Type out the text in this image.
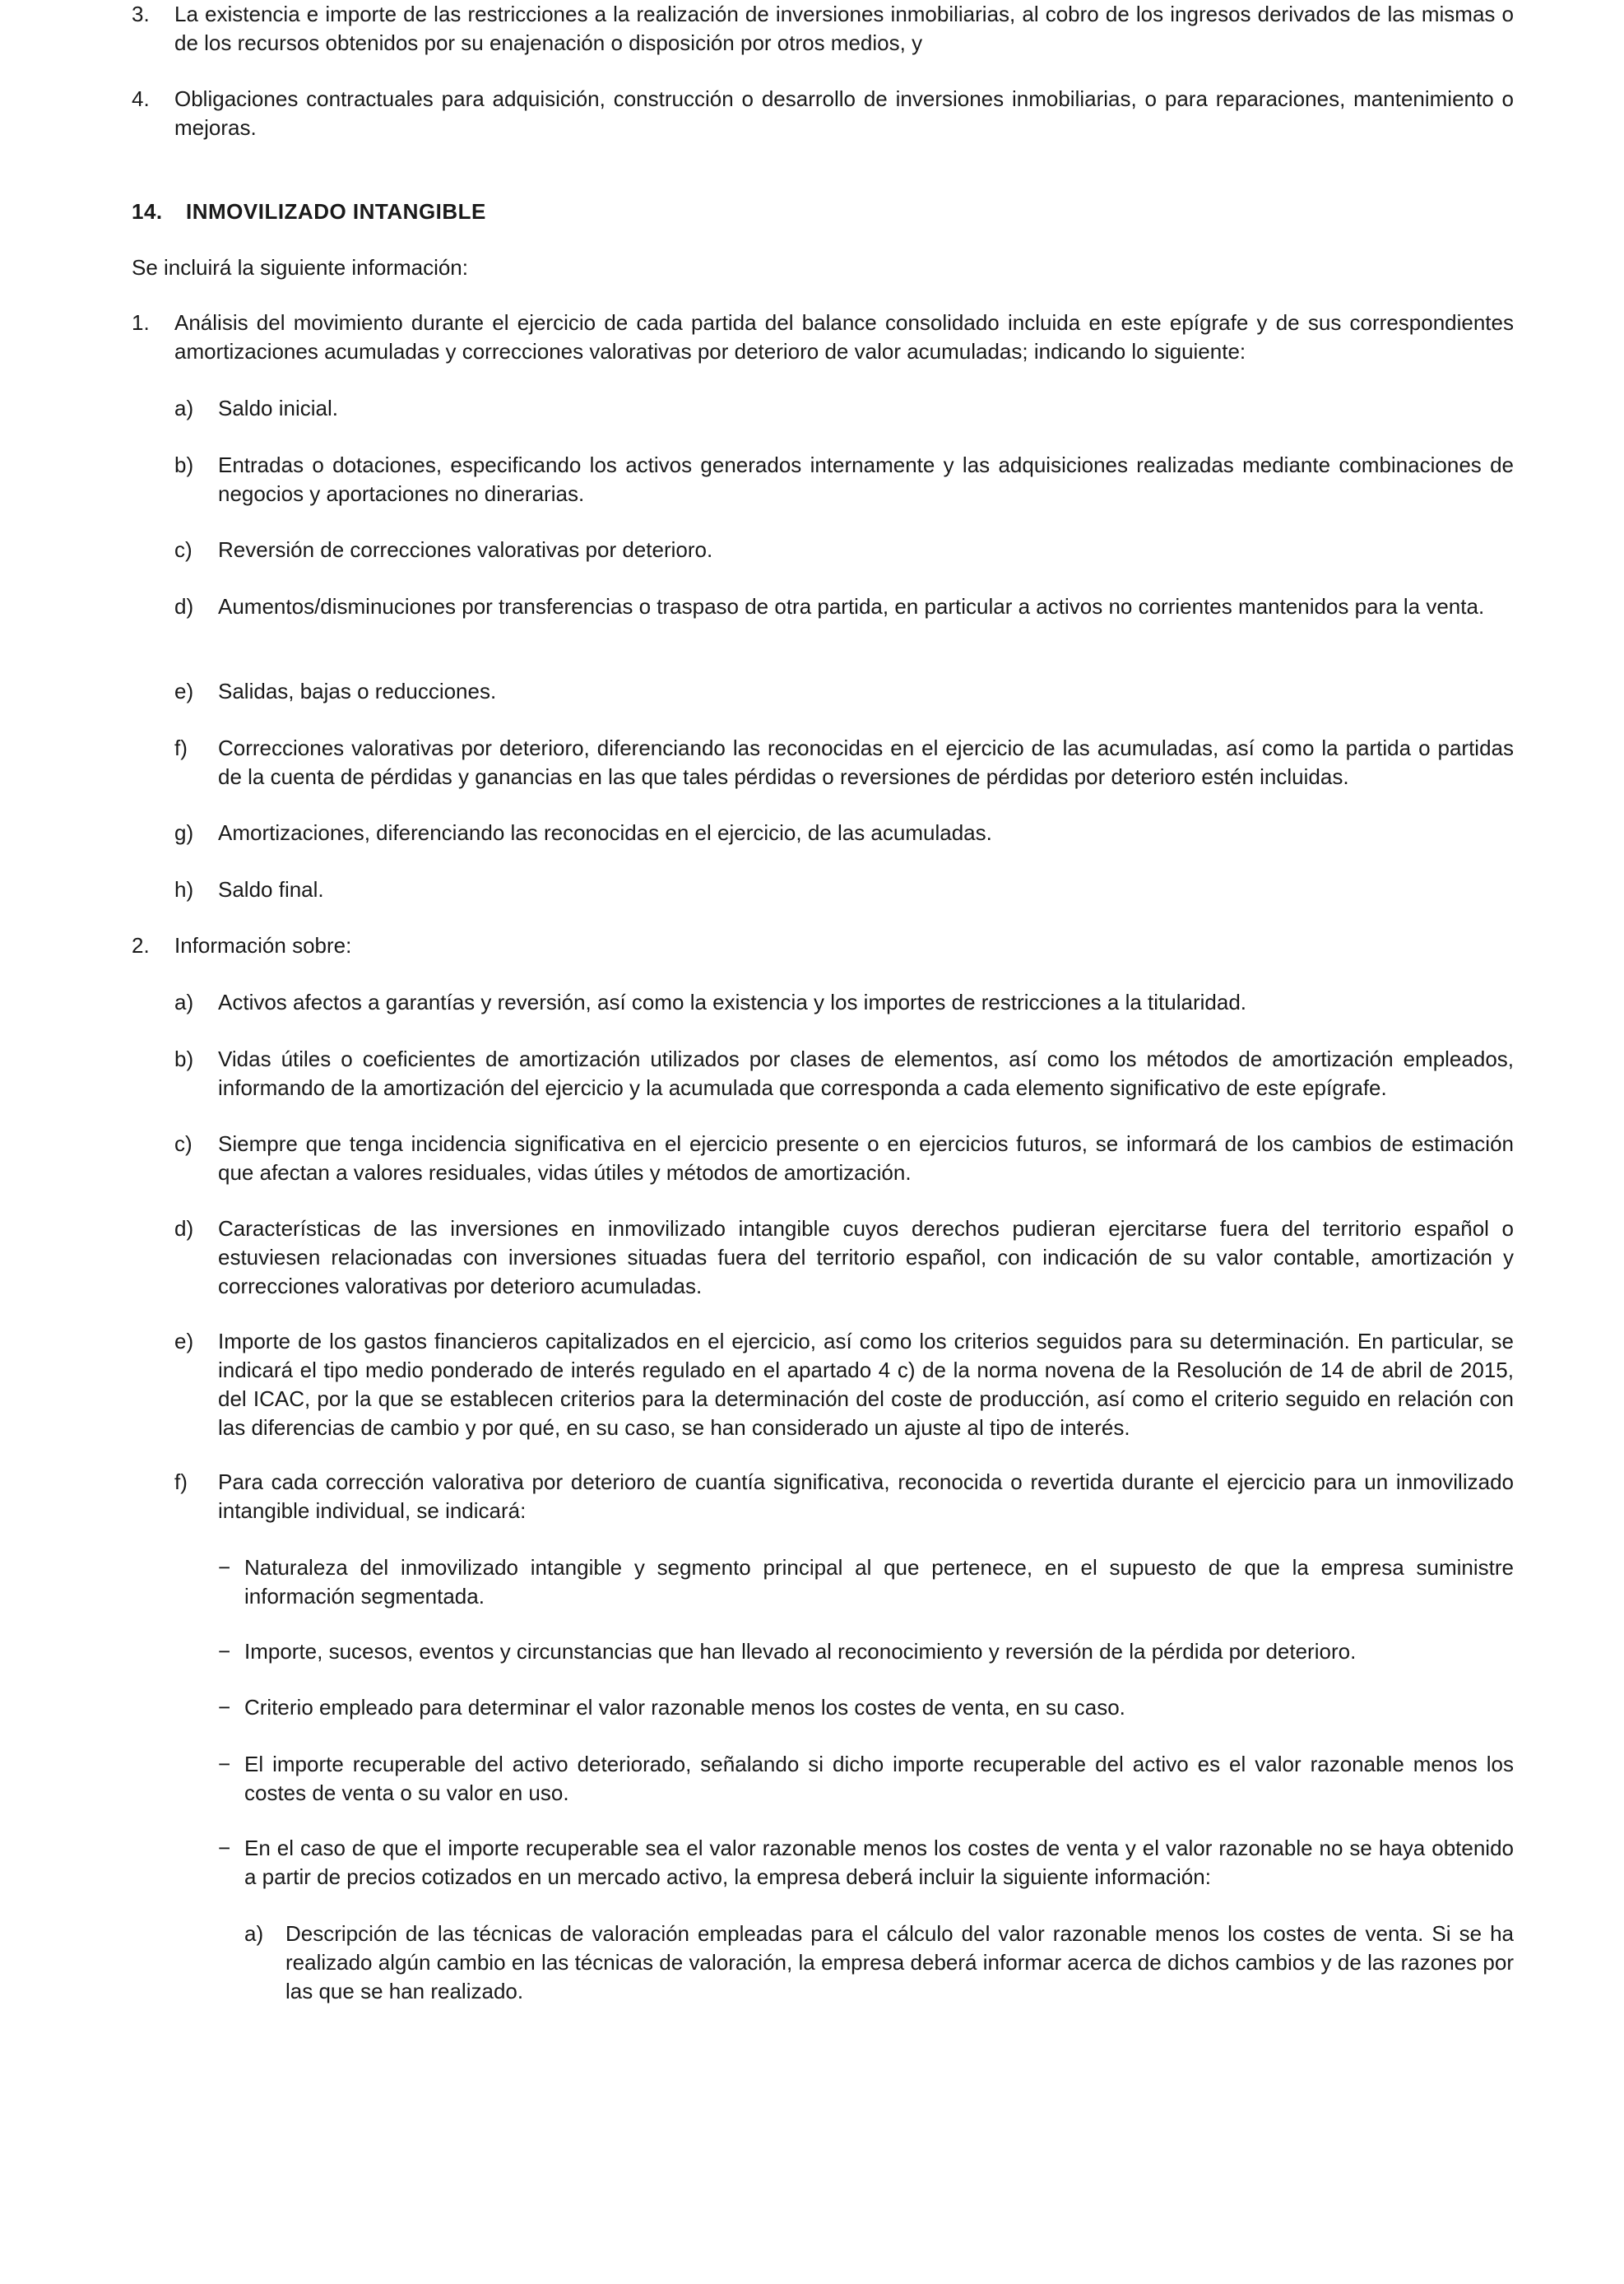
3. La existencia e importe de las restricciones a la realización de inversiones inmobiliarias, al cobro de los ingresos derivados de las mismas o de los recursos obtenidos por su enajenación o disposición por otros medios, y
4. Obligaciones contractuales para adquisición, construcción o desarrollo de inversiones inmobiliarias, o para reparaciones, mantenimiento o mejoras.
14. INMOVILIZADO INTANGIBLE
Se incluirá la siguiente información:
1. Análisis del movimiento durante el ejercicio de cada partida del balance consolidado incluida en este epígrafe y de sus correspondientes amortizaciones acumuladas y correcciones valorativas por deterioro de valor acumuladas; indicando lo siguiente:
a) Saldo inicial.
b) Entradas o dotaciones, especificando los activos generados internamente y las adquisiciones realizadas mediante combinaciones de negocios y aportaciones no dinerarias.
c) Reversión de correcciones valorativas por deterioro.
d) Aumentos/disminuciones por transferencias o traspaso de otra partida, en particular a activos no corrientes mantenidos para la venta.
e) Salidas, bajas o reducciones.
f) Correcciones valorativas por deterioro, diferenciando las reconocidas en el ejercicio de las acumuladas, así como la partida o partidas de la cuenta de pérdidas y ganancias en las que tales pérdidas o reversiones de pérdidas por deterioro estén incluidas.
g) Amortizaciones, diferenciando las reconocidas en el ejercicio, de las acumuladas.
h) Saldo final.
2. Información sobre:
a) Activos afectos a garantías y reversión, así como la existencia y los importes de restricciones a la titularidad.
b) Vidas útiles o coeficientes de amortización utilizados por clases de elementos, así como los métodos de amortización empleados, informando de la amortización del ejercicio y la acumulada que corresponda a cada elemento significativo de este epígrafe.
c) Siempre que tenga incidencia significativa en el ejercicio presente o en ejercicios futuros, se informará de los cambios de estimación que afectan a valores residuales, vidas útiles y métodos de amortización.
d) Características de las inversiones en inmovilizado intangible cuyos derechos pudieran ejercitarse fuera del territorio español o estuviesen relacionadas con inversiones situadas fuera del territorio español, con indicación de su valor contable, amortización y correcciones valorativas por deterioro acumuladas.
e) Importe de los gastos financieros capitalizados en el ejercicio, así como los criterios seguidos para su determinación. En particular, se indicará el tipo medio ponderado de interés regulado en el apartado 4 c) de la norma novena de la Resolución de 14 de abril de 2015, del ICAC, por la que se establecen criterios para la determinación del coste de producción, así como el criterio seguido en relación con las diferencias de cambio y por qué, en su caso, se han considerado un ajuste al tipo de interés.
f) Para cada corrección valorativa por deterioro de cuantía significativa, reconocida o revertida durante el ejercicio para un inmovilizado intangible individual, se indicará:
− Naturaleza del inmovilizado intangible y segmento principal al que pertenece, en el supuesto de que la empresa suministre información segmentada.
− Importe, sucesos, eventos y circunstancias que han llevado al reconocimiento y reversión de la pérdida por deterioro.
− Criterio empleado para determinar el valor razonable menos los costes de venta, en su caso.
− El importe recuperable del activo deteriorado, señalando si dicho importe recuperable del activo es el valor razonable menos los costes de venta o su valor en uso.
− En el caso de que el importe recuperable sea el valor razonable menos los costes de venta y el valor razonable no se haya obtenido a partir de precios cotizados en un mercado activo, la empresa deberá incluir la siguiente información:
a) Descripción de las técnicas de valoración empleadas para el cálculo del valor razonable menos los costes de venta. Si se ha realizado algún cambio en las técnicas de valoración, la empresa deberá informar acerca de dichos cambios y de las razones por las que se han realizado.
